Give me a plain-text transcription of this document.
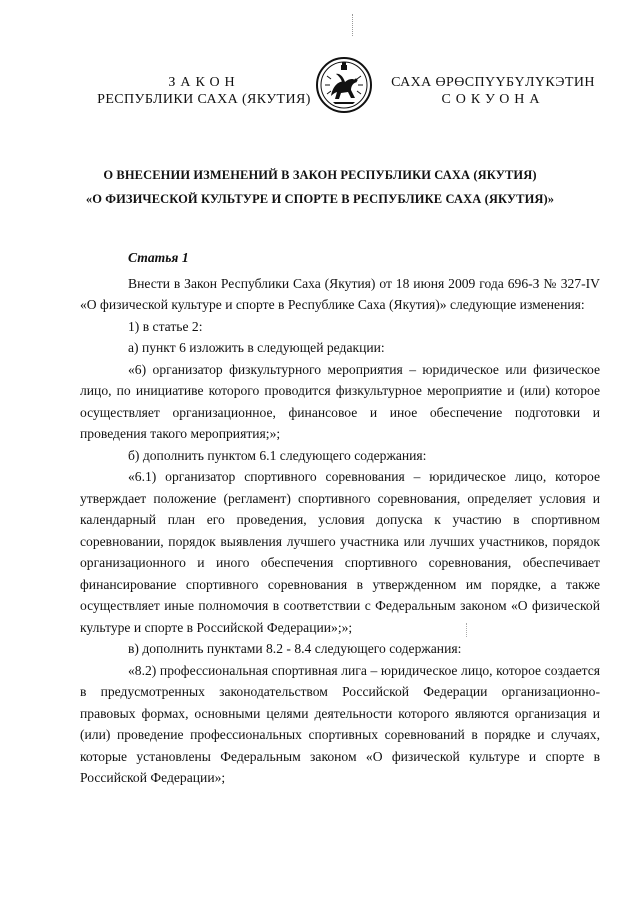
ЗАКОН
РЕСПУБЛИКИ САХА (ЯКУТИЯ)
САХА ӨРӨСПҮҮБҮЛҮКЭТИН
СОКУОНА
О ВНЕСЕНИИ ИЗМЕНЕНИЙ В ЗАКОН РЕСПУБЛИКИ САХА (ЯКУТИЯ)
«О ФИЗИЧЕСКОЙ КУЛЬТУРЕ И СПОРТЕ В РЕСПУБЛИКЕ САХА (ЯКУТИЯ)»

Статья 1

Внести в Закон Республики Саха (Якутия) от 18 июня 2009 года 696-З № 327-IV «О физической культуре и спорте в Республике Саха (Якутия)» следующие изменения:

1) в статье 2:

а) пункт 6 изложить в следующей редакции:

«6) организатор физкультурного мероприятия – юридическое или физическое лицо, по инициативе которого проводится физкультурное мероприятие и (или) которое осуществляет организационное, финансовое и иное обеспечение подготовки и проведения такого мероприятия;»;

б) дополнить пунктом 6.1 следующего содержания:

«6.1) организатор спортивного соревнования – юридическое лицо, которое утверждает положение (регламент) спортивного соревнования, определяет условия и календарный план его проведения, условия допуска к участию в спортивном соревновании, порядок выявления лучшего участника или лучших участников, порядок организационного и иного обеспечения спортивного соревнования, обеспечивает финансирование спортивного соревнования в утвержденном им порядке, а также осуществляет иные полномочия в соответствии с Федеральным законом «О физической культуре и спорте в Российской Федерации»;»;

в) дополнить пунктами 8.2 - 8.4 следующего содержания:

«8.2) профессиональная спортивная лига – юридическое лицо, которое создается в предусмотренных законодательством Российской Федерации организационно-правовых формах, основными целями деятельности которого являются организация и (или) проведение профессиональных спортивных соревнований в порядке и случаях, которые установлены Федеральным законом «О физической культуре и спорте в Российской Федерации»;
